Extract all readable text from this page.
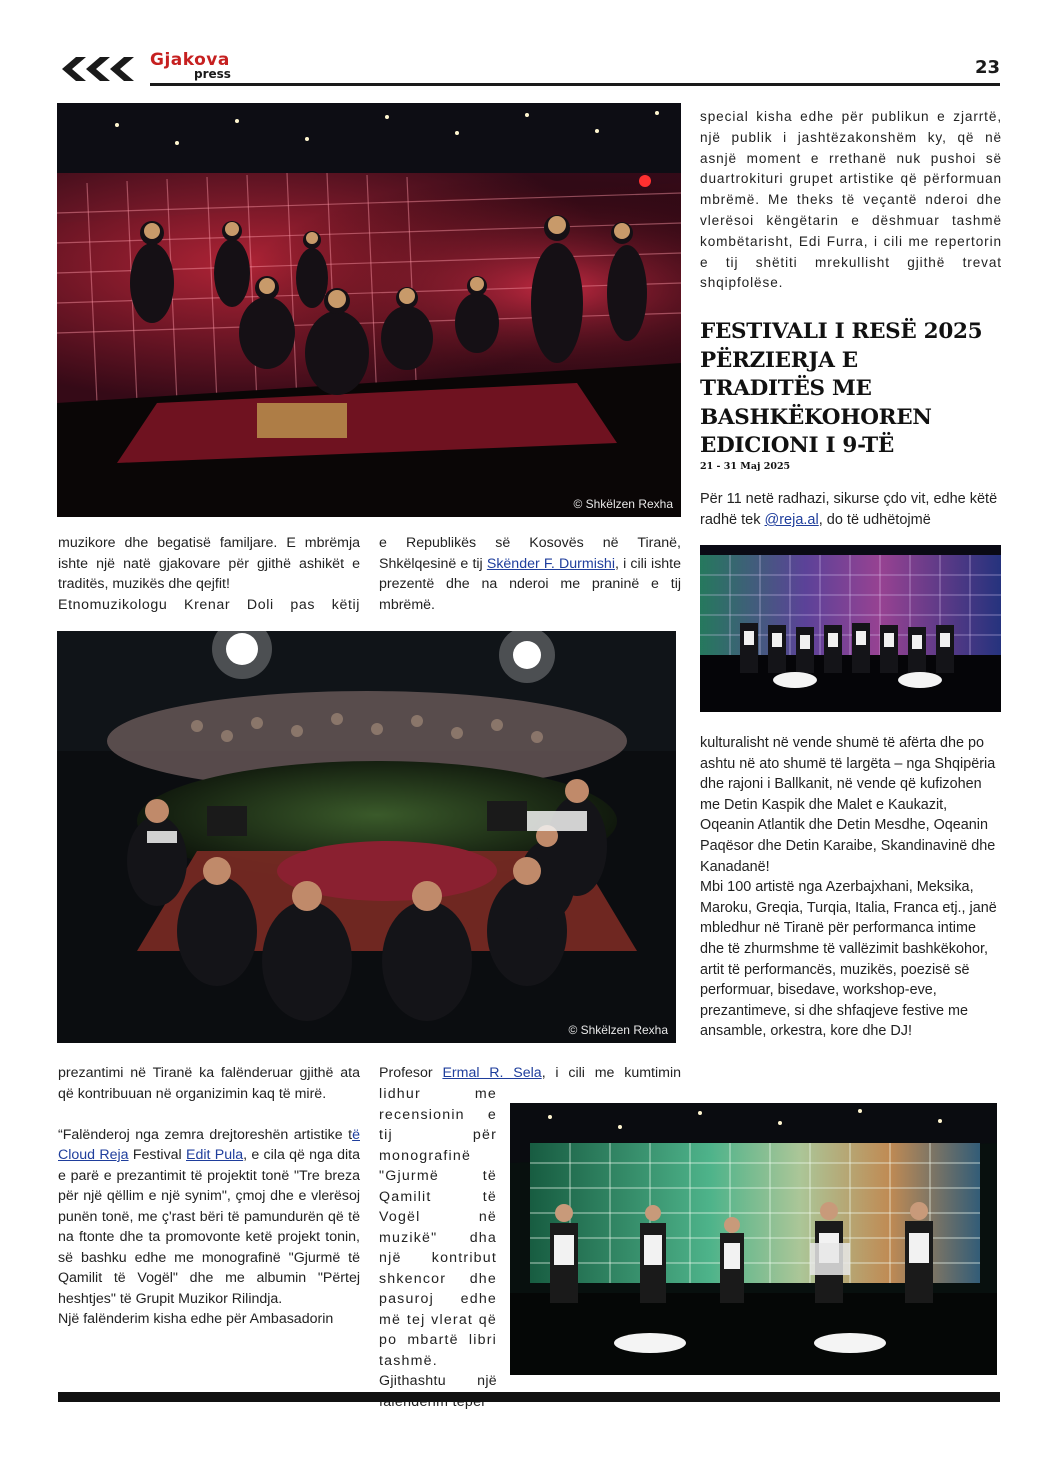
Gjakova
press	23
© Shkëlzen Rexha

special kisha edhe për publikun e zjarrtë, një publik i jashtëzakonshëm ky, që në asnjë moment e rrethanë nuk pushoi së duartrokituri grupet artistike që përformuan mbrëmë. Me theks të veçantë nderoi dhe vlerësoi këngëtarin e dëshmuar tashmë kombëtarisht, Edi Furra, i cili me repertorin e tij shëtiti mrekullisht gjithë trevat shqipfolëse.

FESTIVALI I RESË 2025
PËRZIERJA E
TRADITËS ME
BASHKËKOHOREN
EDICIONI I 9-TË
21 - 31 Maj 2025
Për 11 netë radhazi, sikurse çdo vit, edhe këtë radhë tek @reja.al, do të udhëtojmë

muzikore dhe begatisë familjare. E mbrëmja ishte një natë gjakovare për gjithë ashikët e traditës, muzikës dhe qejfit!

Etnomuzikologu Krenar Doli pas këtij

e Republikës së Kosovës në Tiranë, Shkëlqesinë e tij Skënder F. Durmishi, i cili ishte prezentë dhe na nderoi me praninë e tij mbrëmë.

© Shkëlzen Rexha

kulturalisht në vende shumë të afërta dhe po ashtu në ato shumë të largëta – nga Shqipëria dhe rajoni i Ballkanit, në vende që kufizohen me Detin Kaspik dhe Malet e Kaukazit, Oqeanin Atlantik dhe Detin Mesdhe, Oqeanin Paqësor dhe Detin Karaibe, Skandinavinë dhe Kanadanë!

Mbi 100 artistë nga Azerbajxhani, Meksika, Maroku, Greqia, Turqia, Italia, Franca etj., janë mbledhur në Tiranë për performanca intime dhe të zhurmshme të vallëzimit bashkëkohor, artit të performancës, muzikës, poezisë së performuar, bisedave, workshop-eve, prezantimeve, si dhe shfaqjeve festive me ansamble, orkestra, kore dhe DJ!

prezantimi në Tiranë ka falënderuar gjithë ata që kontribuuan në organizimin kaq të mirë.

“Falënderoj nga zemra drejtoreshën artistike të Cloud Reja Festival Edit Pula, e cila që nga dita e parë e prezantimit të projektit tonë "Tre breza për një qëllim e një synim", çmoj dhe e vlerësoj punën tonë, me ç'rast bëri të pamundurën që të na ftonte dhe ta promovonte ketë projekt tonin, së bashku edhe me monografinë "Gjurmë të Qamilit të Vogël" dhe me albumin "Përtej heshtjes" të Grupit Muzikor Rilindja.

Një falënderim kisha edhe për Ambasadorin

Profesor Ermal R. Sela, i cili me kumtimin

lidhur me recensionin e tij për monografinë "Gjurmë të Qamilit të Vogël në muzikë" dha një kontribut shkencor dhe pasuroj edhe më tej vlerat që po mbartë libri tashmë.

Gjithashtu një
